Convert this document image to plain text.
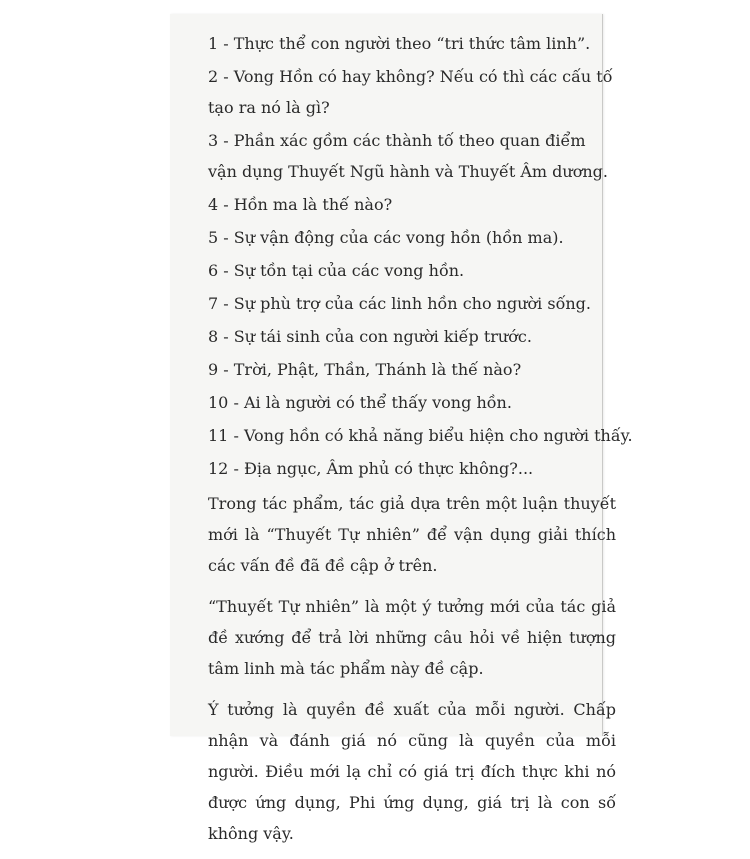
1 - Thực thể con người theo “tri thức tâm linh”.

2 - Vong Hồn có hay không? Nếu có thì các cấu tố tạo ra nó là gì?

3 - Phần xác gồm các thành tố theo quan điểm vận dụng Thuyết Ngũ hành và Thuyết Âm dương.

4 - Hồn ma là thế nào?

5 - Sự vận động của các vong hồn (hồn ma).

6 - Sự tồn tại của các vong hồn.

7 - Sự phù trợ của các linh hồn cho người sống.

8 - Sự tái sinh của con người kiếp trước.

9 - Trời, Phật, Thần, Thánh là thế nào?

10 - Ai là người có thể thấy vong hồn.

11 - Vong hồn có khả năng biểu hiện cho người thấy.

12 - Địa ngục, Âm phủ có thực không?...

Trong tác phẩm, tác giả dựa trên một luận thuyết mới là “Thuyết Tự nhiên” để vận dụng giải thích các vấn đề đã đề cập ở trên.

“Thuyết Tự nhiên” là một ý tưởng mới của tác giả đề xướng để trả lời những câu hỏi về hiện tượng tâm linh mà tác phẩm này đề cập.

Ý tưởng là quyền đề xuất của mỗi người. Chấp nhận và đánh giá nó cũng là quyền của mỗi người. Điều mới lạ chỉ có giá trị đích thực khi nó được ứng dụng, Phi ứng dụng, giá trị là con số không vậy.
